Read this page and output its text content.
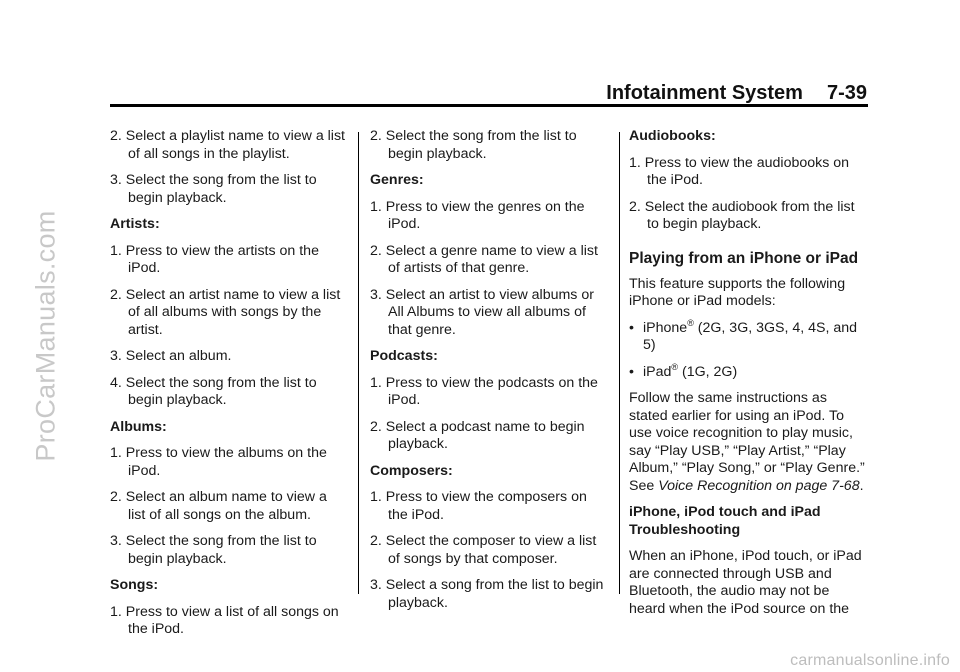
ProCarManuals.com
Infotainment System 7-39
2. Select a playlist name to view a list of all songs in the playlist.
3. Select the song from the list to begin playback.
Artists:
1. Press to view the artists on the iPod.
2. Select an artist name to view a list of all albums with songs by the artist.
3. Select an album.
4. Select the song from the list to begin playback.
Albums:
1. Press to view the albums on the iPod.
2. Select an album name to view a list of all songs on the album.
3. Select the song from the list to begin playback.
Songs:
1. Press to view a list of all songs on the iPod.
2. Select the song from the list to begin playback.
Genres:
1. Press to view the genres on the iPod.
2. Select a genre name to view a list of artists of that genre.
3. Select an artist to view albums or All Albums to view all albums of that genre.
Podcasts:
1. Press to view the podcasts on the iPod.
2. Select a podcast name to begin playback.
Composers:
1. Press to view the composers on the iPod.
2. Select the composer to view a list of songs by that composer.
3. Select a song from the list to begin playback.
Audiobooks:
1. Press to view the audiobooks on the iPod.
2. Select the audiobook from the list to begin playback.
Playing from an iPhone or iPad
This feature supports the following iPhone or iPad models:
• iPhone® (2G, 3G, 3GS, 4, 4S, and 5)
• iPad® (1G, 2G)
Follow the same instructions as stated earlier for using an iPod. To use voice recognition to play music, say “Play USB,” “Play Artist,” “Play Album,” “Play Song,” or “Play Genre.” See Voice Recognition on page 7-68.
iPhone, iPod touch and iPad Troubleshooting
When an iPhone, iPod touch, or iPad are connected through USB and Bluetooth, the audio may not be heard when the iPod source on the
carmanualsonline.info
